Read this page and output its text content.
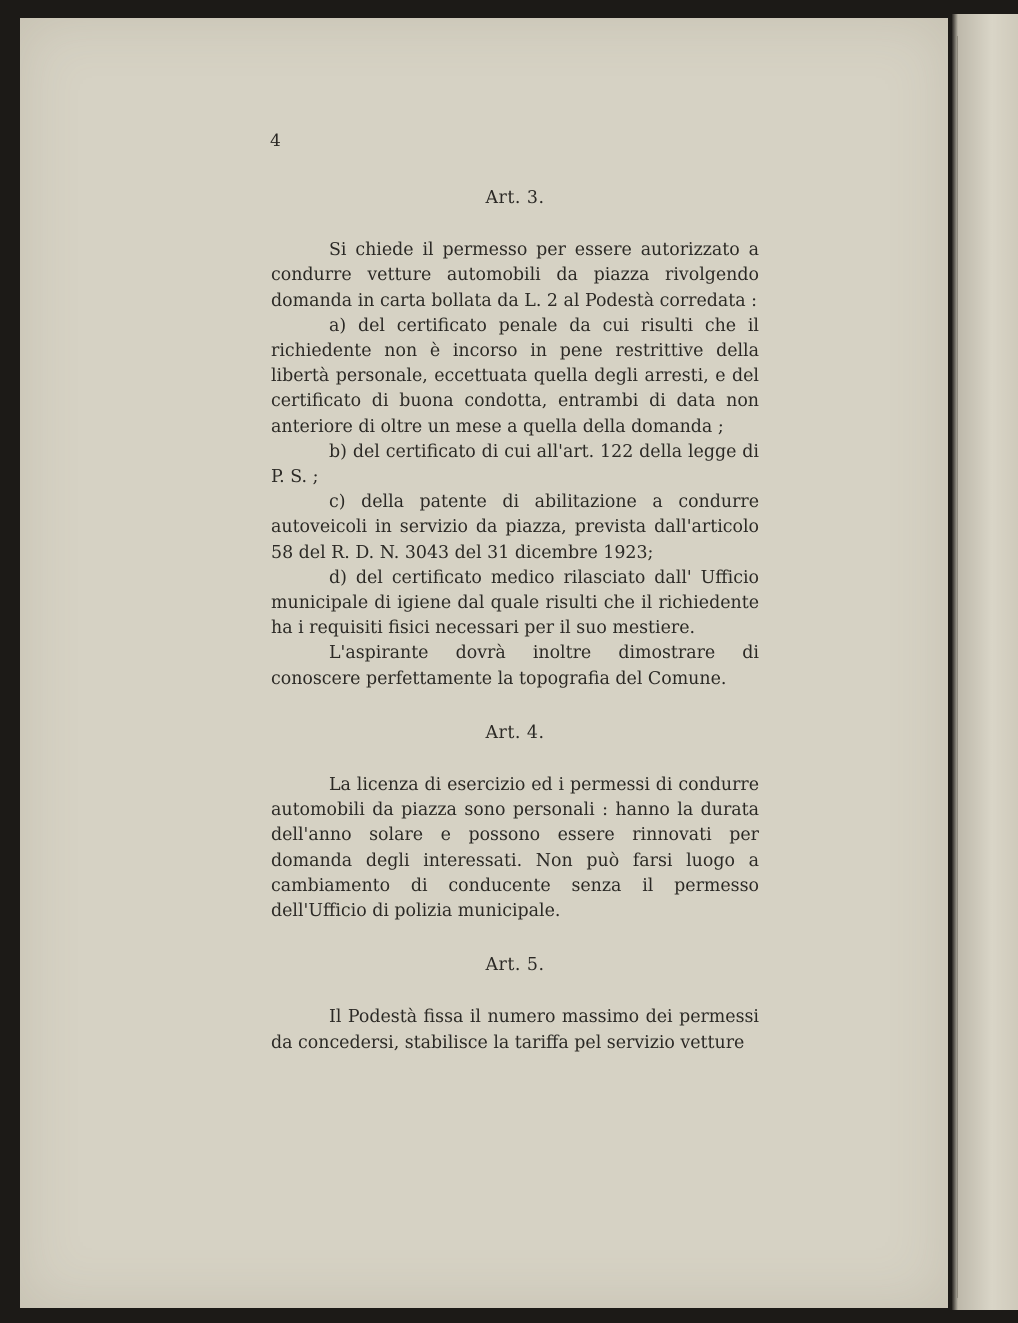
4

Art. 3.

Si chiede il permesso per essere autorizzato a condurre vetture automobili da piazza rivolgendo domanda in carta bollata da L. 2 al Podestà corredata :

a) del certificato penale da cui risulti che il richiedente non è incorso in pene restrittive della libertà personale, eccettuata quella degli arresti, e del certificato di buona condotta, entrambi di data non anteriore di oltre un mese a quella della domanda ;

b) del certificato di cui all'art. 122 della legge di P. S. ;

c) della patente di abilitazione a condurre autoveicoli in servizio da piazza, prevista dall'articolo 58 del R. D. N. 3043 del 31 dicembre 1923;

d) del certificato medico rilasciato dall' Ufficio municipale di igiene dal quale risulti che il richiedente ha i requisiti fisici necessari per il suo mestiere.

L'aspirante dovrà inoltre dimostrare di conoscere perfettamente la topografia del Comune.

Art. 4.

La licenza di esercizio ed i permessi di condurre automobili da piazza sono personali : hanno la durata dell'anno solare e possono essere rinnovati per domanda degli interessati. Non può farsi luogo a cambiamento di conducente senza il permesso dell'Ufficio di polizia municipale.

Art. 5.

Il Podestà fissa il numero massimo dei permessi da concedersi, stabilisce la tariffa pel servizio vetture
